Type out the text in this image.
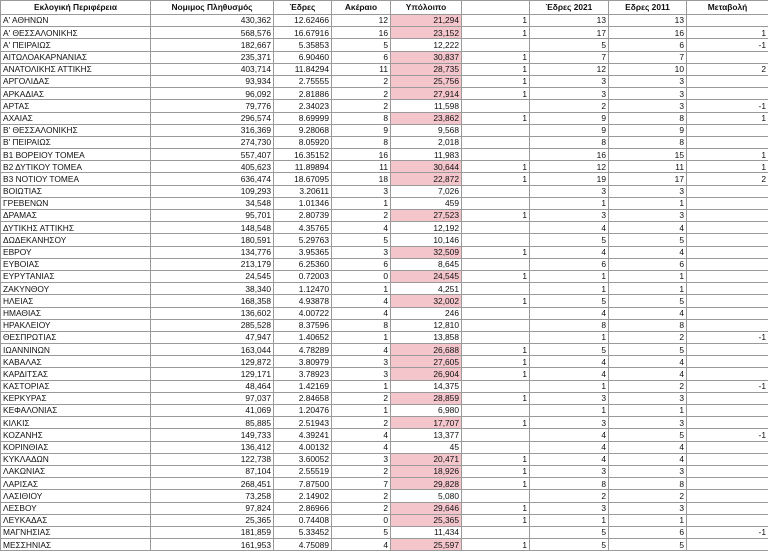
Εκλογική Περιφέρεια	Νομιμος Πληθυσμός	Έδρες	Ακέραιο	Υπόλοιπο		Έδρες 2021	Εδρες 2011	Μεταβολή
Α' ΑΘΗΝΩΝ	430,362	12.62466	12	21,294	1	13	13	
Α' ΘΕΣΣΑΛΟΝΙΚΗΣ	568,576	16.67916	16	23,152	1	17	16	1
Α' ΠΕΙΡΑΙΩΣ	182,667	5.35853	5	12,222		5	6	-1
ΑΙΤΩΛΟΑΚΑΡΝΑΝΙΑΣ	235,371	6.90460	6	30,837	1	7	7	
ΑΝΑΤΟΛΙΚΗΣ ΑΤΤΙΚΗΣ	403,714	11.84294	11	28,735	1	12	10	2
ΑΡΓΟΛΙΔΑΣ	93,934	2.75555	2	25,756	1	3	3	
ΑΡΚΑΔΙΑΣ	96,092	2.81886	2	27,914	1	3	3	
ΑΡΤΑΣ	79,776	2.34023	2	11,598		2	3	-1
ΑΧΑΙΑΣ	296,574	8.69999	8	23,862	1	9	8	1
Β' ΘΕΣΣΑΛΟΝΙΚΗΣ	316,369	9.28068	9	9,568		9	9	
Β' ΠΕΙΡΑΙΩΣ	274,730	8.05920	8	2,018		8	8	
Β1 ΒΟΡΕΙΟΥ ΤΟΜΕΑ	557,407	16.35152	16	11,983		16	15	1
Β2 ΔΥΤΙΚΟΥ ΤΟΜΕΑ	405,623	11.89894	11	30,644	1	12	11	1
Β3 ΝΟΤΙΟΥ ΤΟΜΕΑ	636,474	18.67095	18	22,872	1	19	17	2
ΒΟΙΩΤΙΑΣ	109,293	3.20611	3	7,026		3	3	
ΓΡΕΒΕΝΩΝ	34,548	1.01346	1	459		1	1	
ΔΡΑΜΑΣ	95,701	2.80739	2	27,523	1	3	3	
ΔΥΤΙΚΗΣ ΑΤΤΙΚΗΣ	148,548	4.35765	4	12,192		4	4	
ΔΩΔΕΚΑΝΗΣΟΥ	180,591	5.29763	5	10,146		5	5	
ΕΒΡΟΥ	134,776	3.95365	3	32,509	1	4	4	
ΕΥΒΟΙΑΣ	213,179	6.25360	6	8,645		6	6	
ΕΥΡΥΤΑΝΙΑΣ	24,545	0.72003	0	24,545	1	1	1	
ΖΑΚΥΝΘΟΥ	38,340	1.12470	1	4,251		1	1	
ΗΛΕΙΑΣ	168,358	4.93878	4	32,002	1	5	5	
ΗΜΑΘΙΑΣ	136,602	4.00722	4	246		4	4	
ΗΡΑΚΛΕΙΟΥ	285,528	8.37596	8	12,810		8	8	
ΘΕΣΠΡΩΤΙΑΣ	47,947	1.40652	1	13,858		1	2	-1
ΙΩΑΝΝΙΝΩΝ	163,044	4.78289	4	26,688	1	5	5	
ΚΑΒΑΛΑΣ	129,872	3.80979	3	27,605	1	4	4	
ΚΑΡΔΙΤΣΑΣ	129,171	3.78923	3	26,904	1	4	4	
ΚΑΣΤΟΡΙΑΣ	48,464	1.42169	1	14,375		1	2	-1
ΚΕΡΚΥΡΑΣ	97,037	2.84658	2	28,859	1	3	3	
ΚΕΦΑΛΟΝΙΑΣ	41,069	1.20476	1	6,980		1	1	
ΚΙΛΚΙΣ	85,885	2.51943	2	17,707	1	3	3	
ΚΟΖΑΝΗΣ	149,733	4.39241	4	13,377		4	5	-1
ΚΟΡΙΝΘΙΑΣ	136,412	4.00132	4	45		4	4	
ΚΥΚΛΑΔΩΝ	122,738	3.60052	3	20,471	1	4	4	
ΛΑΚΩΝΙΑΣ	87,104	2.55519	2	18,926	1	3	3	
ΛΑΡΙΣΑΣ	268,451	7.87500	7	29,828	1	8	8	
ΛΑΣΙΘΙΟΥ	73,258	2.14902	2	5,080		2	2	
ΛΕΣΒΟΥ	97,824	2.86966	2	29,646	1	3	3	
ΛΕΥΚΑΔΑΣ	25,365	0.74408	0	25,365	1	1	1	
ΜΑΓΝΗΣΙΑΣ	181,859	5.33452	5	11,434		5	6	-1
ΜΕΣΣΗΝΙΑΣ	161,953	4.75089	4	25,597	1	5	5	
